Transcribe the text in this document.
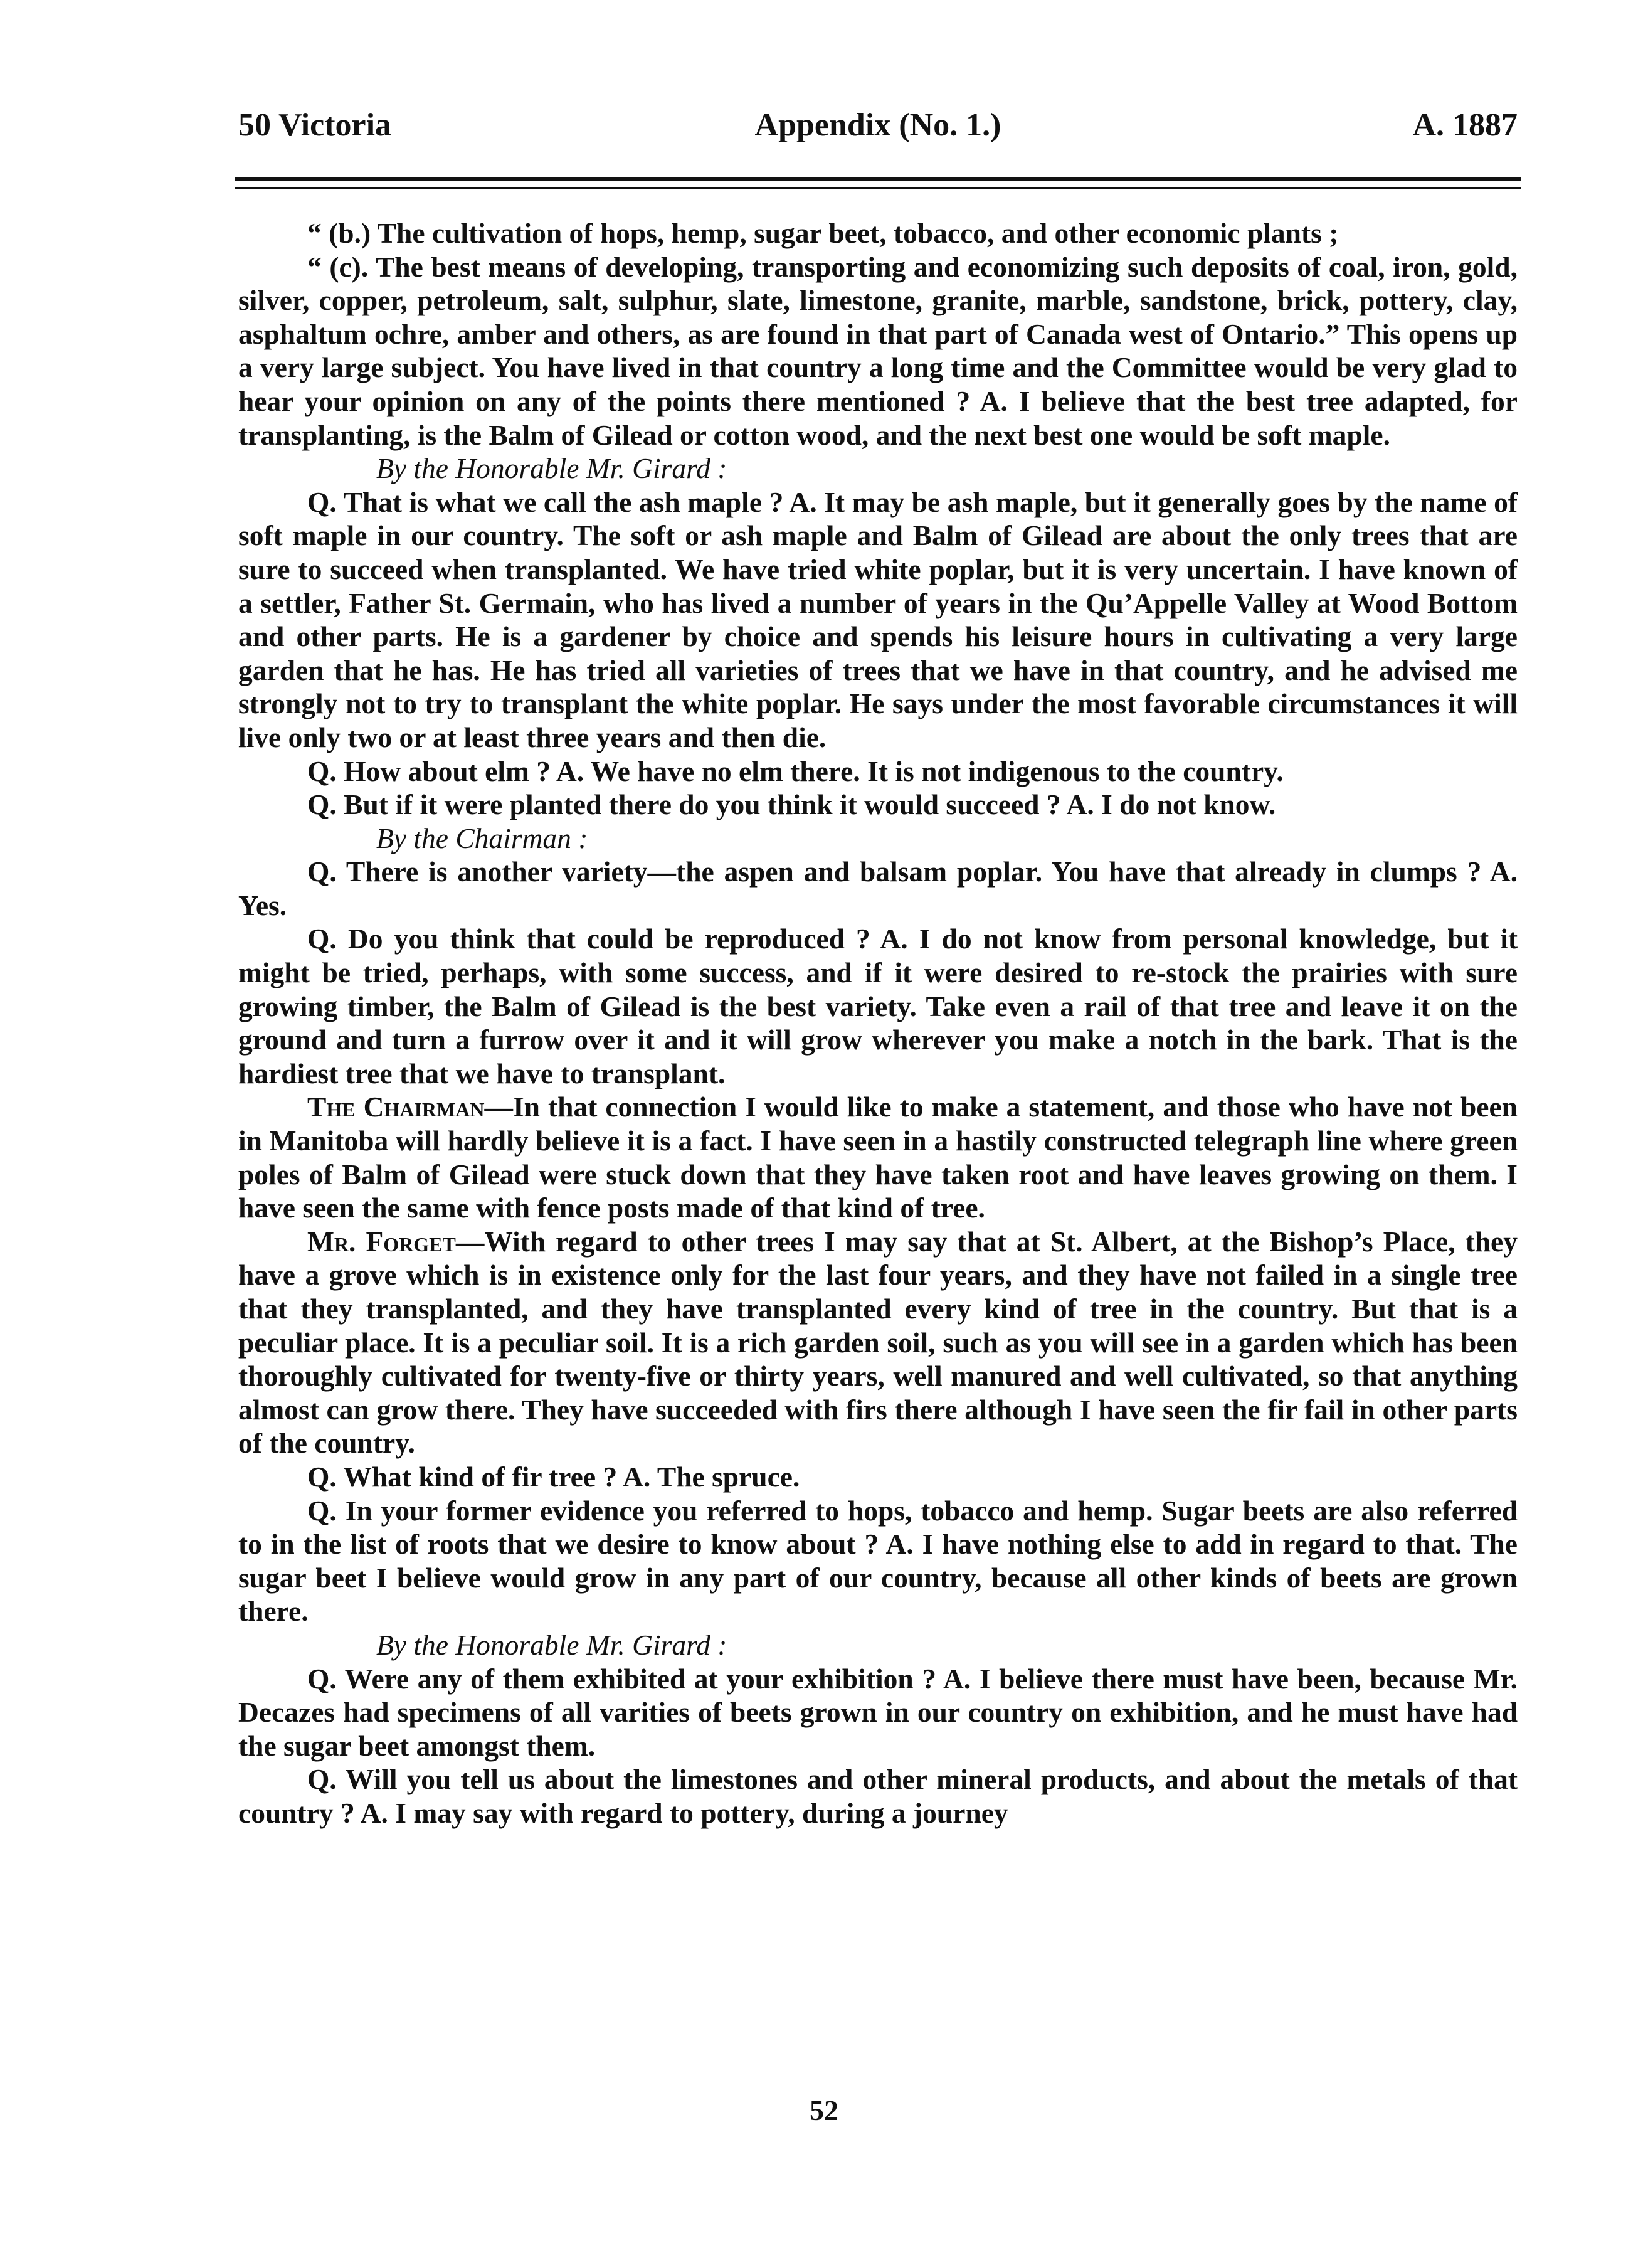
50 Victoria	Appendix (No. 1.)	A. 1887

“ (b.) The cultivation of hops, hemp, sugar beet, tobacco, and other economic plants ;

“ (c). The best means of developing, transporting and economizing such deposits of coal, iron, gold, silver, copper, petroleum, salt, sulphur, slate, limestone, granite, marble, sandstone, brick, pottery, clay, asphaltum ochre, amber and others, as are found in that part of Canada west of Ontario.” This opens up a very large subject. You have lived in that country a long time and the Committee would be very glad to hear your opinion on any of the points there mentioned ? A. I believe that the best tree adapted, for transplanting, is the Balm of Gilead or cotton wood, and the next best one would be soft maple.

By the Honorable Mr. Girard :

Q. That is what we call the ash maple ? A. It may be ash maple, but it generally goes by the name of soft maple in our country. The soft or ash maple and Balm of Gilead are about the only trees that are sure to succeed when transplanted. We have tried white poplar, but it is very uncertain. I have known of a settler, Father St. Germain, who has lived a number of years in the Qu’Appelle Valley at Wood Bottom and other parts. He is a gardener by choice and spends his leisure hours in cultivating a very large garden that he has. He has tried all varieties of trees that we have in that country, and he advised me strongly not to try to transplant the white poplar. He says under the most favorable circumstances it will live only two or at least three years and then die.

Q. How about elm ? A. We have no elm there. It is not indigenous to the country.

Q. But if it were planted there do you think it would succeed ? A. I do not know.

By the Chairman :

Q. There is another variety—the aspen and balsam poplar. You have that already in clumps ? A. Yes.

Q. Do you think that could be reproduced ? A. I do not know from personal knowledge, but it might be tried, perhaps, with some success, and if it were desired to re-stock the prairies with sure growing timber, the Balm of Gilead is the best variety. Take even a rail of that tree and leave it on the ground and turn a furrow over it and it will grow wherever you make a notch in the bark. That is the hardiest tree that we have to transplant.

The Chairman—In that connection I would like to make a statement, and those who have not been in Manitoba will hardly believe it is a fact. I have seen in a hastily constructed telegraph line where green poles of Balm of Gilead were stuck down that they have taken root and have leaves growing on them. I have seen the same with fence posts made of that kind of tree.

Mr. Forget—With regard to other trees I may say that at St. Albert, at the Bishop’s Place, they have a grove which is in existence only for the last four years, and they have not failed in a single tree that they transplanted, and they have transplanted every kind of tree in the country. But that is a peculiar place. It is a peculiar soil. It is a rich garden soil, such as you will see in a garden which has been thoroughly cultivated for twenty-five or thirty years, well manured and well cultivated, so that anything almost can grow there. They have succeeded with firs there although I have seen the fir fail in other parts of the country.

Q. What kind of fir tree ? A. The spruce.

Q. In your former evidence you referred to hops, tobacco and hemp. Sugar beets are also referred to in the list of roots that we desire to know about ? A. I have nothing else to add in regard to that. The sugar beet I believe would grow in any part of our country, because all other kinds of beets are grown there.

By the Honorable Mr. Girard :

Q. Were any of them exhibited at your exhibition ? A. I believe there must have been, because Mr. Decazes had specimens of all varities of beets grown in our country on exhibition, and he must have had the sugar beet amongst them.

Q. Will you tell us about the limestones and other mineral products, and about the metals of that country ? A. I may say with regard to pottery, during a journey

52
